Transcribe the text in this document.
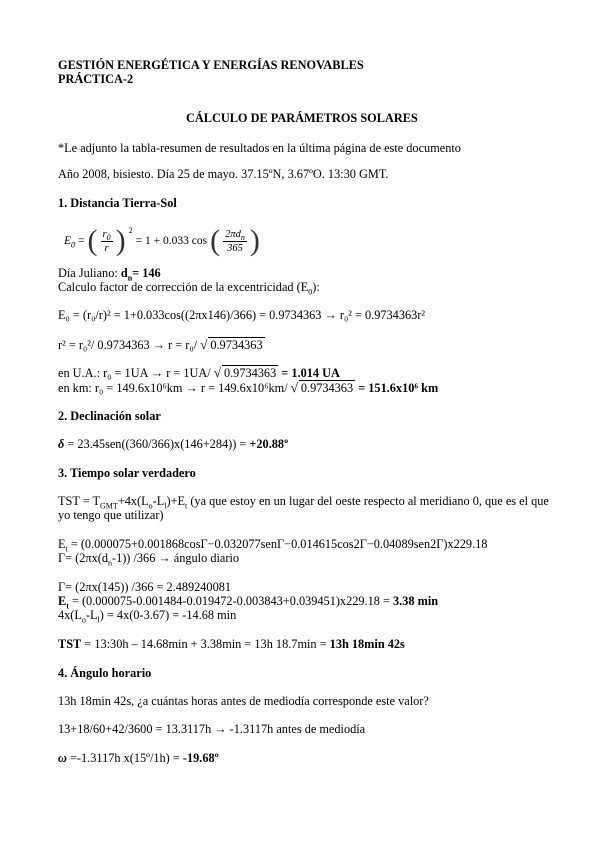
GESTIÓN ENERGÉTICA Y ENERGÍAS RENOVABLES
PRÁCTICA-2
CÁLCULO DE PARÁMETROS SOLARES
*Le adjunto la tabla-resumen de resultados en la última página de este documento
Año 2008, bisiesto. Día 25 de mayo. 37.15ºN, 3.67ºO. 13:30 GMT.
1. Distancia Tierra-Sol
$E_0$ = ( $\frac{r_0}{r}$ ) $^2$
= 1 + 0.033 cos ( $\frac{2\pi d_n}{365}$ )
Día Juliano: $d_n= 146$
Calculo factor de corrección de la excentricidad $(E_0)$:
E₀ = (r₀/r)² = 1+0.033cos((2πx146)/366) = 0.9734363 → r₀² = 0.9734363r²
r² = r₀²/ 0.9734363 → r = r₀/ √ 0.9734363
en U.A.: r₀ = 1UA → r = 1UA/ √ 0.9734363 = 1.014 UA
en km: r₀ = 149.6x10⁶km → r = 149.6x10⁶km/ √ 0.9734363 = 151.6x10⁶ km
2. Declinación solar
δ = 23.45sen((360/366)x(146+284)) = +20.88º
3. Tiempo solar verdadero
TST = $T_{GMT}+4x(L_o-L_l)+E_t$ (ya que estoy en un lugar del oeste respecto al meridiano 0, que es el que
yo tengo que utilizar)
$E_t = (0.000075+0.001868\cos\Gamma-0.032077sen\Gamma-0.014615\cos 2\Gamma-0.04089sen2\Gamma)x229.18$
$\Gamma= (2\pi x(d_n-1)) /366$ → ángulo diario
Γ= (2πx(145)) /366 = 2.489240081
$E_t = (0.000075-0.001484-0.019472-0.003843+0.039451)x229.18 = 3.38$ min
$4x(L_o-L_l) = 4x(0-3.67) = -14.68$ min
TST = 13:30h – 14.68min + 3.38min = 13h 18.7min = 13h 18min 42s
4. Ángulo horario
13h 18min 42s, ¿a cuántas horas antes de mediodía corresponde este valor?
13+18/60+42/3600 = 13.3117h → -1.3117h antes de mediodía
ω =-1.3117h x(15º/1h) = -19.68º
